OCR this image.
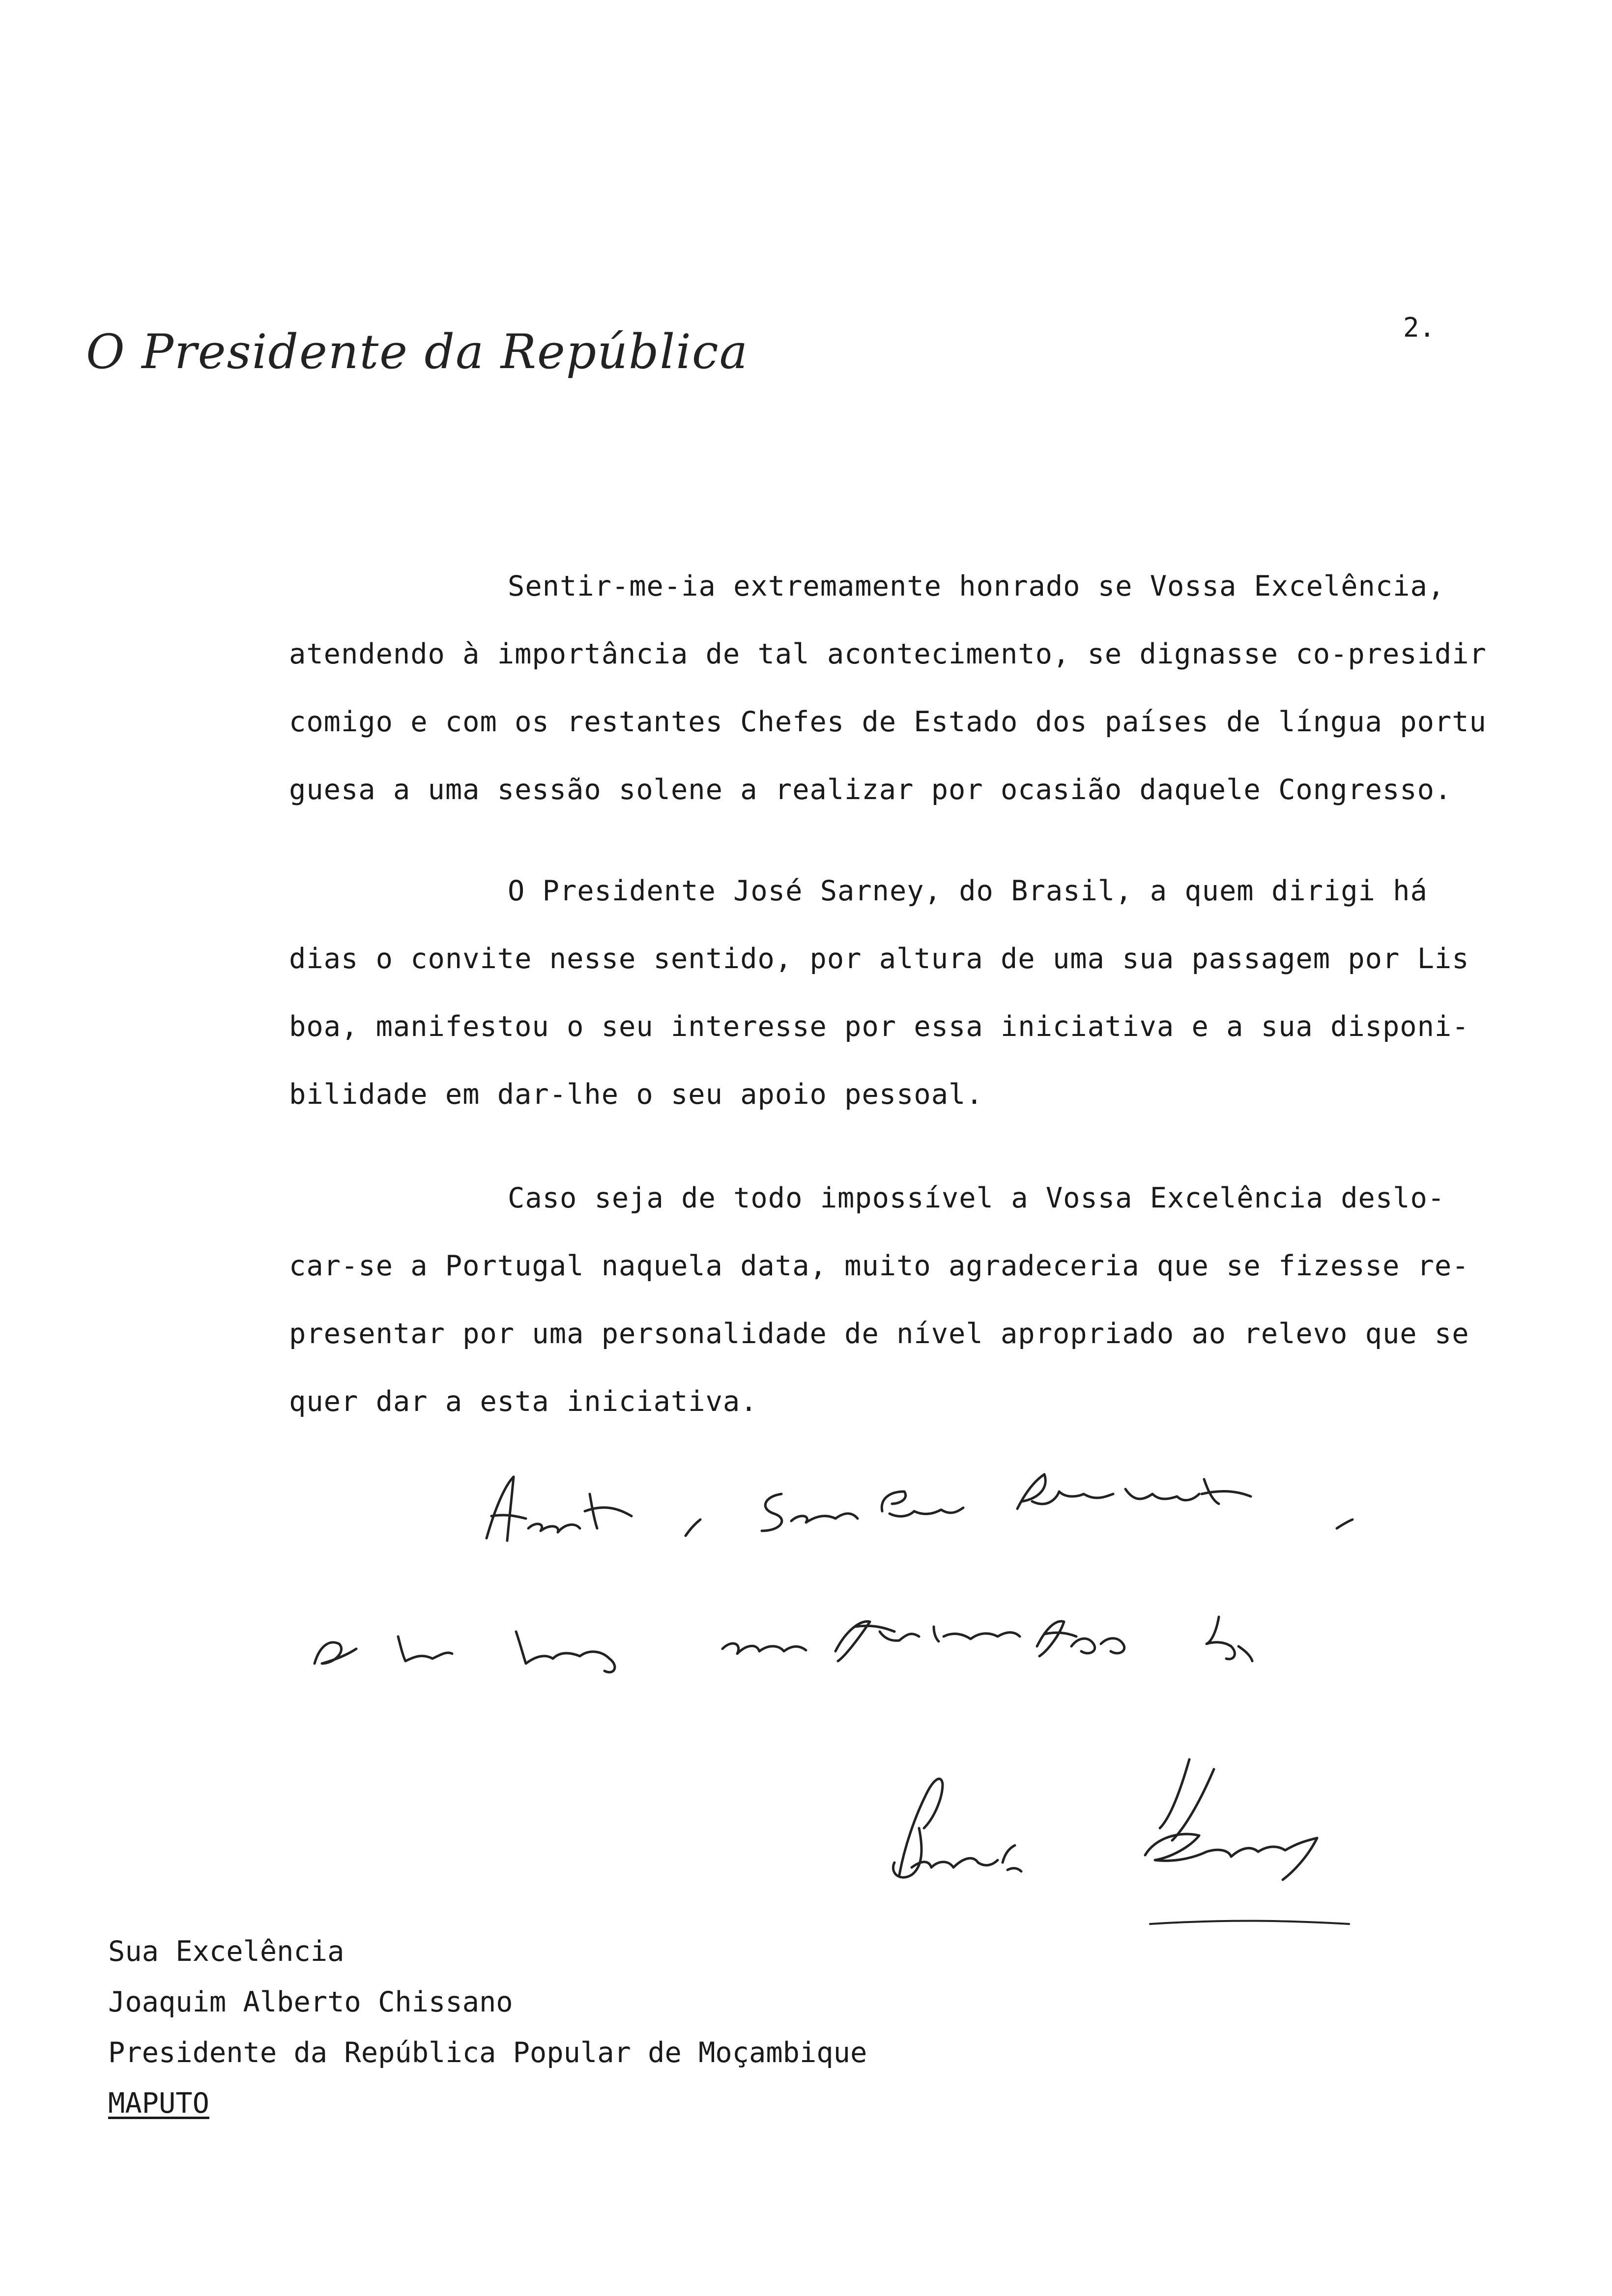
O Presidente da República	2.
Sentir-me-ia extremamente honrado se Vossa Excelência,
atendendo à importância de tal acontecimento, se dignasse co-presidir
comigo e com os restantes Chefes de Estado dos países de língua portu
guesa a uma sessão solene a realizar por ocasião daquele Congresso.
O Presidente José Sarney, do Brasil, a quem dirigi há
dias o convite nesse sentido, por altura de uma sua passagem por Lis
boa, manifestou o seu interesse por essa iniciativa e a sua disponi-
bilidade em dar-lhe o seu apoio pessoal.
Caso seja de todo impossível a Vossa Excelência deslo-
car-se a Portugal naquela data, muito agradeceria que se fizesse re-
presentar por uma personalidade de nível apropriado ao relevo que se
quer dar a esta iniciativa.
Sua Excelência
Joaquim Alberto Chissano
Presidente da República Popular de Moçambique
MAPUTO
